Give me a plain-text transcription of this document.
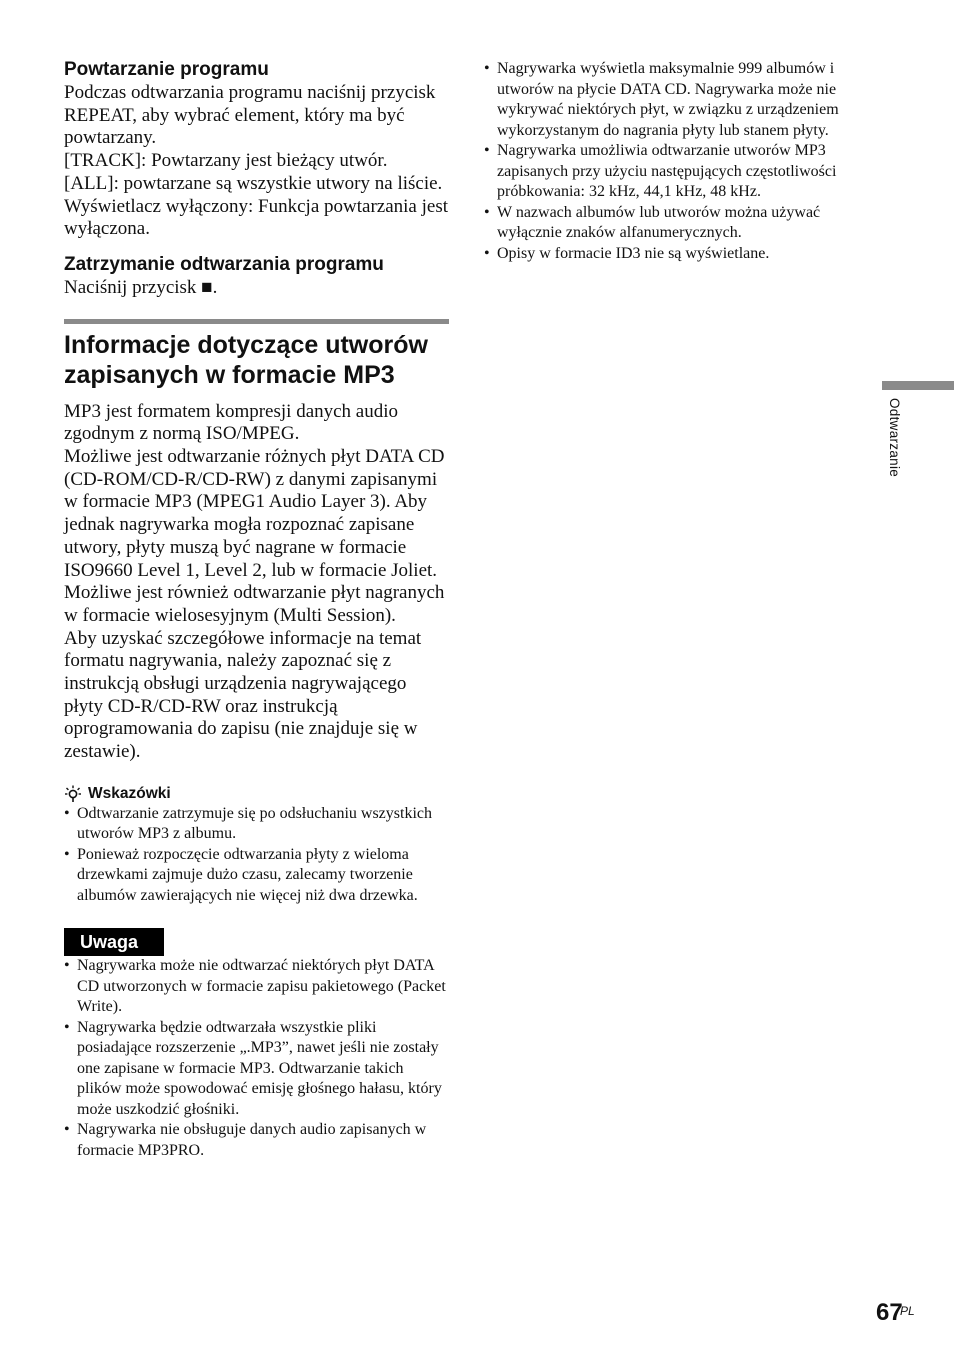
Powtarzanie programu

Podczas odtwarzania programu naciśnij przycisk REPEAT, aby wybrać element, który ma być powtarzany.

[TRACK]: Powtarzany jest bieżący utwór.

[ALL]: powtarzane są wszystkie utwory na liście.

Wyświetlacz wyłączony: Funkcja powtarzania jest wyłączona.

Zatrzymanie odtwarzania programu

Naciśnij przycisk ■.

Informacje dotyczące utworów zapisanych w formacie MP3

MP3 jest formatem kompresji danych audio zgodnym z normą ISO/MPEG.

Możliwe jest odtwarzanie różnych płyt DATA CD (CD-ROM/CD-R/CD-RW) z danymi zapisanymi w formacie MP3 (MPEG1 Audio Layer 3). Aby jednak nagrywarka mogła rozpoznać zapisane utwory, płyty muszą być nagrane w formacie ISO9660 Level 1, Level 2, lub w formacie Joliet. Możliwe jest również odtwarzanie płyt nagranych w formacie wielosesyjnym (Multi Session).

Aby uzyskać szczegółowe informacje na temat formatu nagrywania, należy zapoznać się z instrukcją obsługi urządzenia nagrywającego płyty CD-R/CD-RW oraz instrukcją oprogramowania do zapisu (nie znajduje się w zestawie).

Wskazówki
• Odtwarzanie zatrzymuje się po odsłuchaniu wszystkich utworów MP3 z albumu.
• Ponieważ rozpoczęcie odtwarzania płyty z wieloma drzewkami zajmuje dużo czasu, zalecamy tworzenie albumów zawierających nie więcej niż dwa drzewka.
Uwaga
• Nagrywarka może nie odtwarzać niektórych płyt DATA CD utworzonych w formacie zapisu pakietowego (Packet Write).
• Nagrywarka będzie odtwarzała wszystkie pliki posiadające rozszerzenie „.MP3”, nawet jeśli nie zostały one zapisane w formacie MP3. Odtwarzanie takich plików może spowodować emisję głośnego hałasu, który może uszkodzić głośniki.
• Nagrywarka nie obsługuje danych audio zapisanych w formacie MP3PRO.
• Nagrywarka wyświetla maksymalnie 999 albumów i utworów na płycie DATA CD. Nagrywarka może nie wykrywać niektórych płyt, w związku z urządzeniem wykorzystanym do nagrania płyty lub stanem płyty.
• Nagrywarka umożliwia odtwarzanie utworów MP3 zapisanych przy użyciu następujących częstotliwości próbkowania: 32 kHz, 44,1 kHz, 48 kHz.
• W nazwach albumów lub utworów można używać wyłącznie znaków alfanumerycznych.
• Opisy w formacie ID3 nie są wyświetlane.
Odtwarzanie
67
PL
